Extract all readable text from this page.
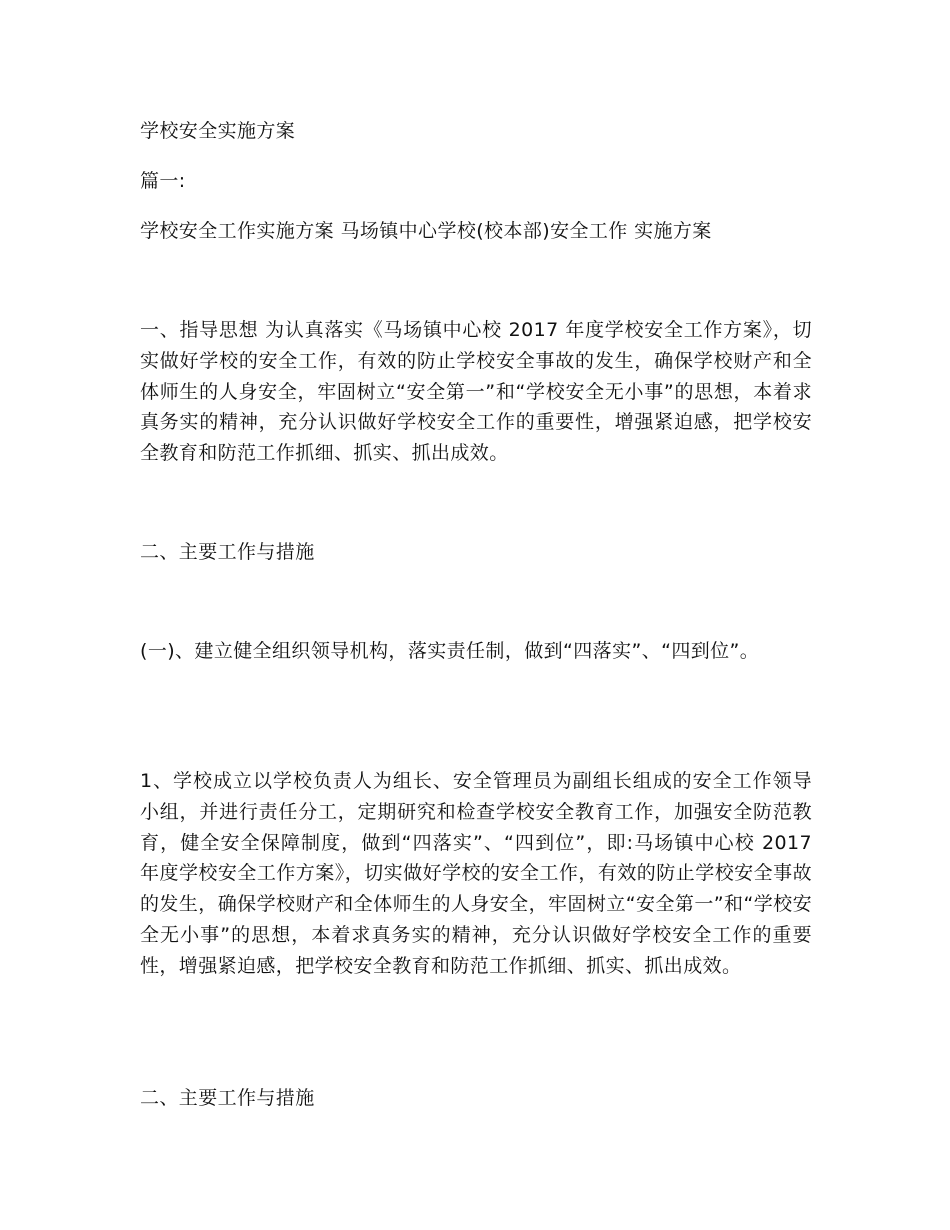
学校安全实施方案
篇一:
学校安全工作实施方案 马场镇中心学校(校本部)安全工作 实施方案
一、指导思想 为认真落实《马场镇中心校 2017 年度学校安全工作方案》，切实做好学校的安全工作，有效的防止学校安全事故的发生，确保学校财产和全体师生的人身安全，牢固树立“安全第一”和“学校安全无小事”的思想，本着求真务实的精神，充分认识做好学校安全工作的重要性，增强紧迫感，把学校安全教育和防范工作抓细、抓实、抓出成效。
二、主要工作与措施
(一)、建立健全组织领导机构，落实责任制，做到“四落实”、“四到位”。
1、学校成立以学校负责人为组长、安全管理员为副组长组成的安全工作领导小组，并进行责任分工，定期研究和检查学校安全教育工作，加强安全防范教育，健全安全保障制度，做到“四落实”、“四到位”，即:马场镇中心校 2017 年度学校安全工作方案》，切实做好学校的安全工作，有效的防止学校安全事故的发生，确保学校财产和全体师生的人身安全，牢固树立“安全第一”和“学校安全无小事”的思想，本着求真务实的精神，充分认识做好学校安全工作的重要性，增强紧迫感，把学校安全教育和防范工作抓细、抓实、抓出成效。
二、主要工作与措施
